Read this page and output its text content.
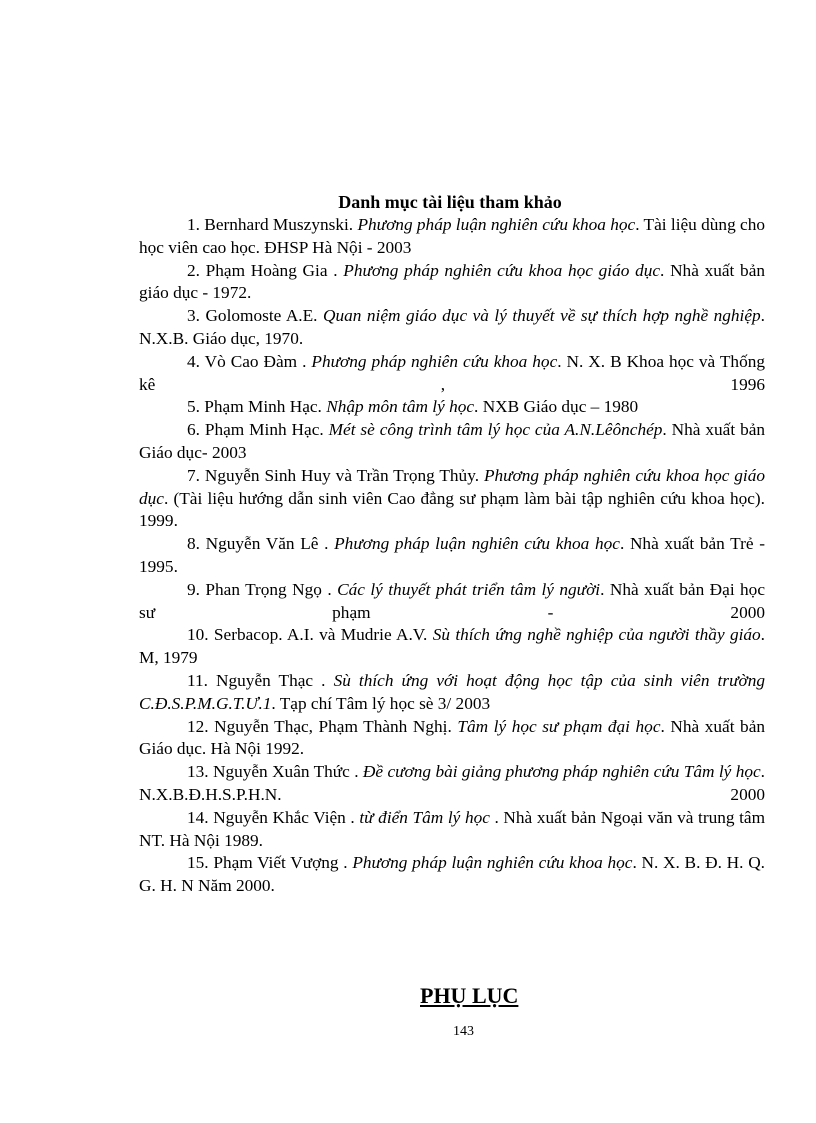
Danh mục tài liệu tham khảo

1. Bernhard Muszynski. Phương pháp luận nghiên cứu khoa học. Tài liệu dùng cho học viên cao học. ĐHSP Hà Nội - 2003

2. Phạm Hoàng Gia . Phương pháp nghiên cứu khoa học giáo dục. Nhà xuất bản giáo dục - 1972.

3. Golomoste A.E. Quan niệm giáo dục và lý thuyết về sự thích hợp nghề nghiệp. N.X.B. Giáo dục, 1970.

4. Vò Cao Đàm . Phương pháp nghiên cứu khoa học. N. X. B Khoa học và Thống kê , 1996

5. Phạm Minh Hạc. Nhập môn tâm lý học. NXB Giáo dục – 1980

6. Phạm Minh Hạc. Mét sè công trình tâm lý học của A.N.Lêônchép. Nhà xuất bản Giáo dục- 2003

7. Nguyễn Sinh Huy và Trần Trọng Thủy. Phương pháp nghiên cứu khoa học giáo dục. (Tài liệu hướng dẫn sinh viên Cao đẳng sư phạm làm bài tập nghiên cứu khoa học). 1999.

8. Nguyễn Văn Lê . Phương pháp luận nghiên cứu khoa học. Nhà xuất bản Trẻ - 1995.

9. Phan Trọng Ngọ . Các lý thuyết phát triển tâm lý người. Nhà xuất bản Đại học sư phạm - 2000

10. Serbacop. A.I. và Mudrie A.V. Sù thích ứng nghề nghiệp của người thầy giáo. M, 1979

11. Nguyễn Thạc . Sù thích ứng với hoạt động học tập của sinh viên trường C.Đ.S.P.M.G.T.Ư.1. Tạp chí Tâm lý học sè 3/ 2003

12. Nguyễn Thạc, Phạm Thành Nghị. Tâm lý học sư phạm đại học. Nhà xuất bản Giáo dục. Hà Nội 1992.

13. Nguyễn Xuân Thức . Đề cương bài giảng phương pháp nghiên cứu Tâm lý học. N.X.B.Đ.H.S.P.H.N. 2000

14. Nguyễn Khắc Viện . từ điển Tâm lý học . Nhà xuất bản Ngoại văn và trung tâm NT. Hà Nội 1989.

15. Phạm Viết Vượng . Phương pháp luận nghiên cứu khoa học. N. X. B. Đ. H. Q. G. H. N Năm 2000.

PHỤ LỤC
143
